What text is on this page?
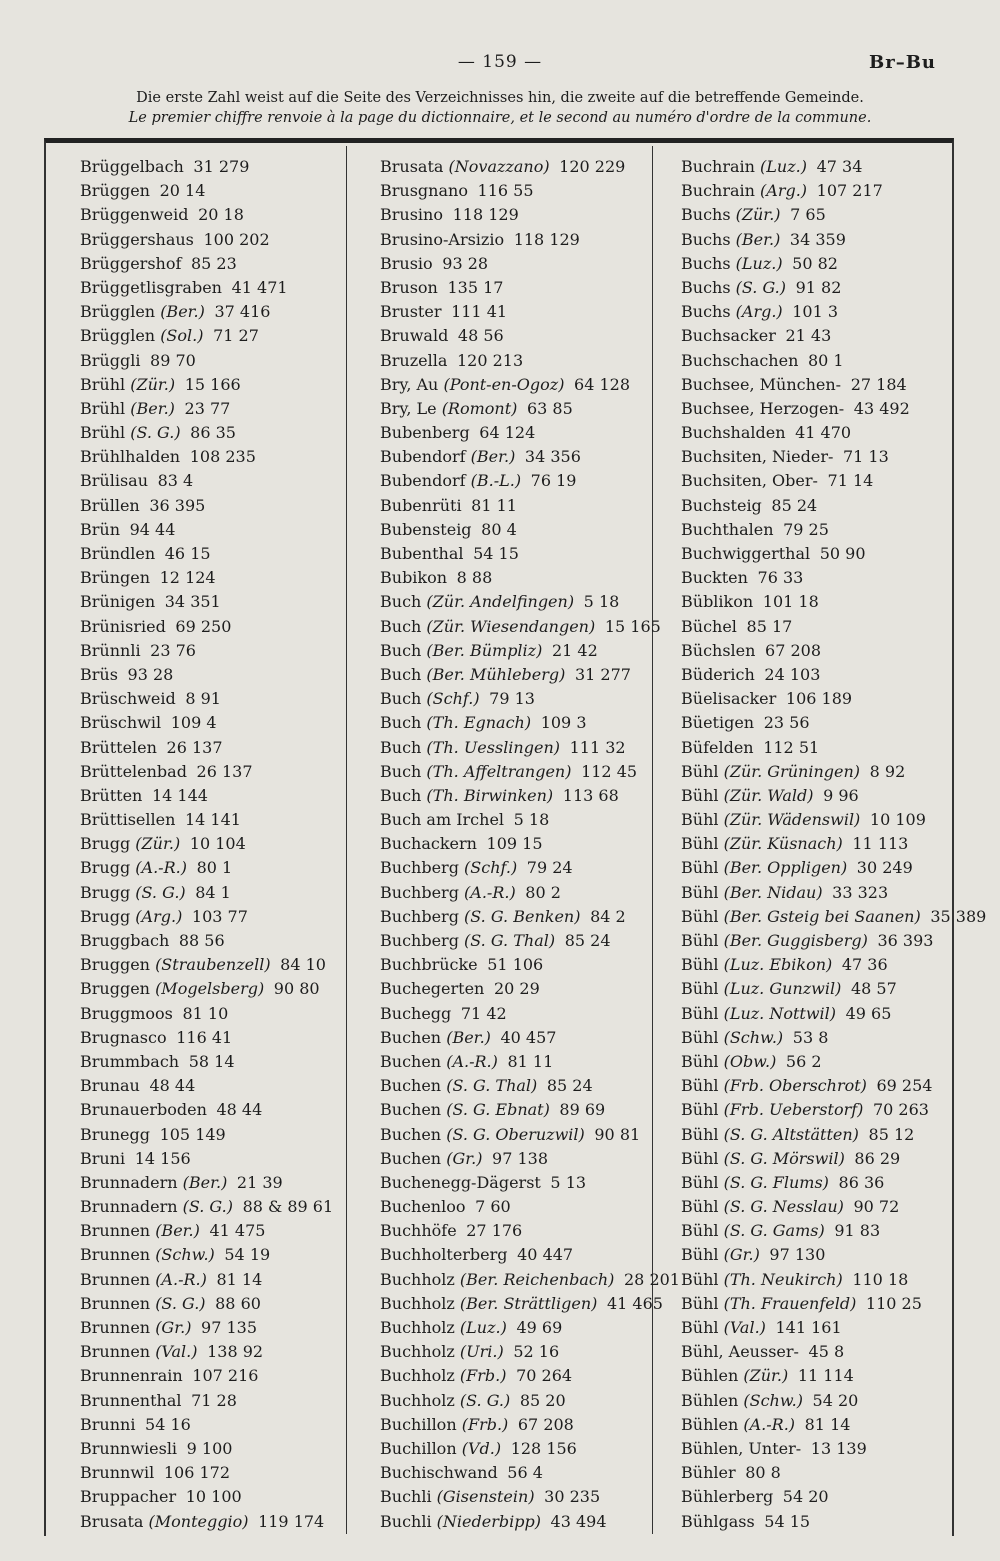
— 159 —	Br–Bu
Die erste Zahl weist auf die Seite des Verzeichnisses hin, die zweite auf die betreffende Gemeinde.
Le premier chiffre renvoie à la page du dictionnaire, et le second au numéro d'ordre de la commune.
Brüggelbach 31 279
Brüggen 20 14
Brüggenweid 20 18
Brüggershaus 100 202
Brüggershof 85 23
Brüggetlisgraben 41 471
Brügglen (Ber.) 37 416
Brügglen (Sol.) 71 27
Brüggli 89 70
Brühl (Zür.) 15 166
Brühl (Ber.) 23 77
Brühl (S. G.) 86 35
Brühlhalden 108 235
Brülisau 83 4
Brüllen 36 395
Brün 94 44
Bründlen 46 15
Brüngen 12 124
Brünigen 34 351
Brünisried 69 250
Brünnli 23 76
Brüs 93 28
Brüschweid 8 91
Brüschwil 109 4
Brüttelen 26 137
Brüttelenbad 26 137
Brütten 14 144
Brüttisellen 14 141
Brugg (Zür.) 10 104
Brugg (A.-R.) 80 1
Brugg (S. G.) 84 1
Brugg (Arg.) 103 77
Bruggbach 88 56
Bruggen (Straubenzell) 84 10
Bruggen (Mogelsberg) 90 80
Bruggmoos 81 10
Brugnasco 116 41
Brummbach 58 14
Brunau 48 44
Brunauerboden 48 44
Brunegg 105 149
Bruni 14 156
Brunnadern (Ber.) 21 39
Brunnadern (S. G.) 88 & 89 61
Brunnen (Ber.) 41 475
Brunnen (Schw.) 54 19
Brunnen (A.-R.) 81 14
Brunnen (S. G.) 88 60
Brunnen (Gr.) 97 135
Brunnen (Val.) 138 92
Brunnenrain 107 216
Brunnenthal 71 28
Brunni 54 16
Brunnwiesli 9 100
Brunnwil 106 172
Bruppacher 10 100
Brusata (Monteggio) 119 174
Brusata (Novazzano) 120 229
Brusgnano 116 55
Brusino 118 129
Brusino-Arsizio 118 129
Brusio 93 28
Bruson 135 17
Bruster 111 41
Bruwald 48 56
Bruzella 120 213
Bry, Au (Pont-en-Ogoz) 64 128
Bry, Le (Romont) 63 85
Bubenberg 64 124
Bubendorf (Ber.) 34 356
Bubendorf (B.-L.) 76 19
Bubenrüti 81 11
Bubensteig 80 4
Bubenthal 54 15
Bubikon 8 88
Buch (Zür. Andelfingen) 5 18
Buch (Zür. Wiesendangen) 15 165
Buch (Ber. Bümpliz) 21 42
Buch (Ber. Mühleberg) 31 277
Buch (Schf.) 79 13
Buch (Th. Egnach) 109 3
Buch (Th. Uesslingen) 111 32
Buch (Th. Affeltrangen) 112 45
Buch (Th. Birwinken) 113 68
Buch am Irchel 5 18
Buchackern 109 15
Buchberg (Schf.) 79 24
Buchberg (A.-R.) 80 2
Buchberg (S. G. Benken) 84 2
Buchberg (S. G. Thal) 85 24
Buchbrücke 51 106
Buchegerten 20 29
Buchegg 71 42
Buchen (Ber.) 40 457
Buchen (A.-R.) 81 11
Buchen (S. G. Thal) 85 24
Buchen (S. G. Ebnat) 89 69
Buchen (S. G. Oberuzwil) 90 81
Buchen (Gr.) 97 138
Buchenegg-Dägerst 5 13
Buchenloo 7 60
Buchhöfe 27 176
Buchholterberg 40 447
Buchholz (Ber. Reichenbach) 28 201
Buchholz (Ber. Strättligen) 41 465
Buchholz (Luz.) 49 69
Buchholz (Uri.) 52 16
Buchholz (Frb.) 70 264
Buchholz (S. G.) 85 20
Buchillon (Frb.) 67 208
Buchillon (Vd.) 128 156
Buchischwand 56 4
Buchli (Gisenstein) 30 235
Buchli (Niederbipp) 43 494
Buchrain (Luz.) 47 34
Buchrain (Arg.) 107 217
Buchs (Zür.) 7 65
Buchs (Ber.) 34 359
Buchs (Luz.) 50 82
Buchs (S. G.) 91 82
Buchs (Arg.) 101 3
Buchsacker 21 43
Buchschachen 80 1
Buchsee, München- 27 184
Buchsee, Herzogen- 43 492
Buchshalden 41 470
Buchsiten, Nieder- 71 13
Buchsiten, Ober- 71 14
Buchsteig 85 24
Buchthalen 79 25
Buchwiggerthal 50 90
Buckten 76 33
Büblikon 101 18
Büchel 85 17
Büchslen 67 208
Büderich 24 103
Büelisacker 106 189
Büetigen 23 56
Büfelden 112 51
Bühl (Zür. Grüningen) 8 92
Bühl (Zür. Wald) 9 96
Bühl (Zür. Wädenswil) 10 109
Bühl (Zür. Küsnach) 11 113
Bühl (Ber. Oppligen) 30 249
Bühl (Ber. Nidau) 33 323
Bühl (Ber. Gsteig bei Saanen) 35 389
Bühl (Ber. Guggisberg) 36 393
Bühl (Luz. Ebikon) 47 36
Bühl (Luz. Gunzwil) 48 57
Bühl (Luz. Nottwil) 49 65
Bühl (Schw.) 53 8
Bühl (Obw.) 56 2
Bühl (Frb. Oberschrot) 69 254
Bühl (Frb. Ueberstorf) 70 263
Bühl (S. G. Altstätten) 85 12
Bühl (S. G. Mörswil) 86 29
Bühl (S. G. Flums) 86 36
Bühl (S. G. Nesslau) 90 72
Bühl (S. G. Gams) 91 83
Bühl (Gr.) 97 130
Bühl (Th. Neukirch) 110 18
Bühl (Th. Frauenfeld) 110 25
Bühl (Val.) 141 161
Bühl, Aeusser- 45 8
Bühlen (Zür.) 11 114
Bühlen (Schw.) 54 20
Bühlen (A.-R.) 81 14
Bühlen, Unter- 13 139
Bühler 80 8
Bühlerberg 54 20
Bühlgass 54 15
